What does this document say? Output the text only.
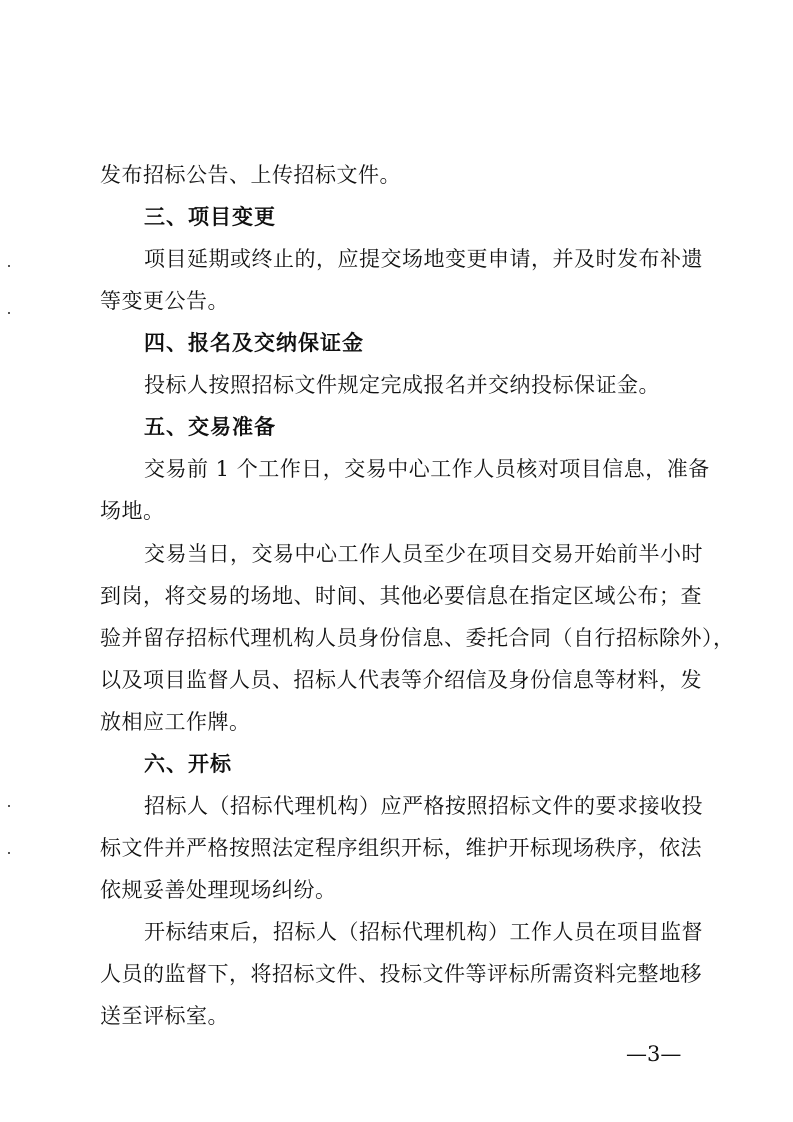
发布招标公告、上传招标文件。
三、项目变更
项目延期或终止的，应提交场地变更申请，并及时发布补遗
等变更公告。
四、报名及交纳保证金
投标人按照招标文件规定完成报名并交纳投标保证金。
五、交易准备
交易前 1 个工作日，交易中心工作人员核对项目信息，准备
场地。
交易当日，交易中心工作人员至少在项目交易开始前半小时
到岗，将交易的场地、时间、其他必要信息在指定区域公布；查
验并留存招标代理机构人员身份信息、委托合同（自行招标除外），
以及项目监督人员、招标人代表等介绍信及身份信息等材料，发
放相应工作牌。
六、开标
招标人（招标代理机构）应严格按照招标文件的要求接收投
标文件并严格按照法定程序组织开标，维护开标现场秩序，依法
依规妥善处理现场纠纷。
开标结束后，招标人（招标代理机构）工作人员在项目监督
人员的监督下，将招标文件、投标文件等评标所需资料完整地移
送至评标室。
—3—
